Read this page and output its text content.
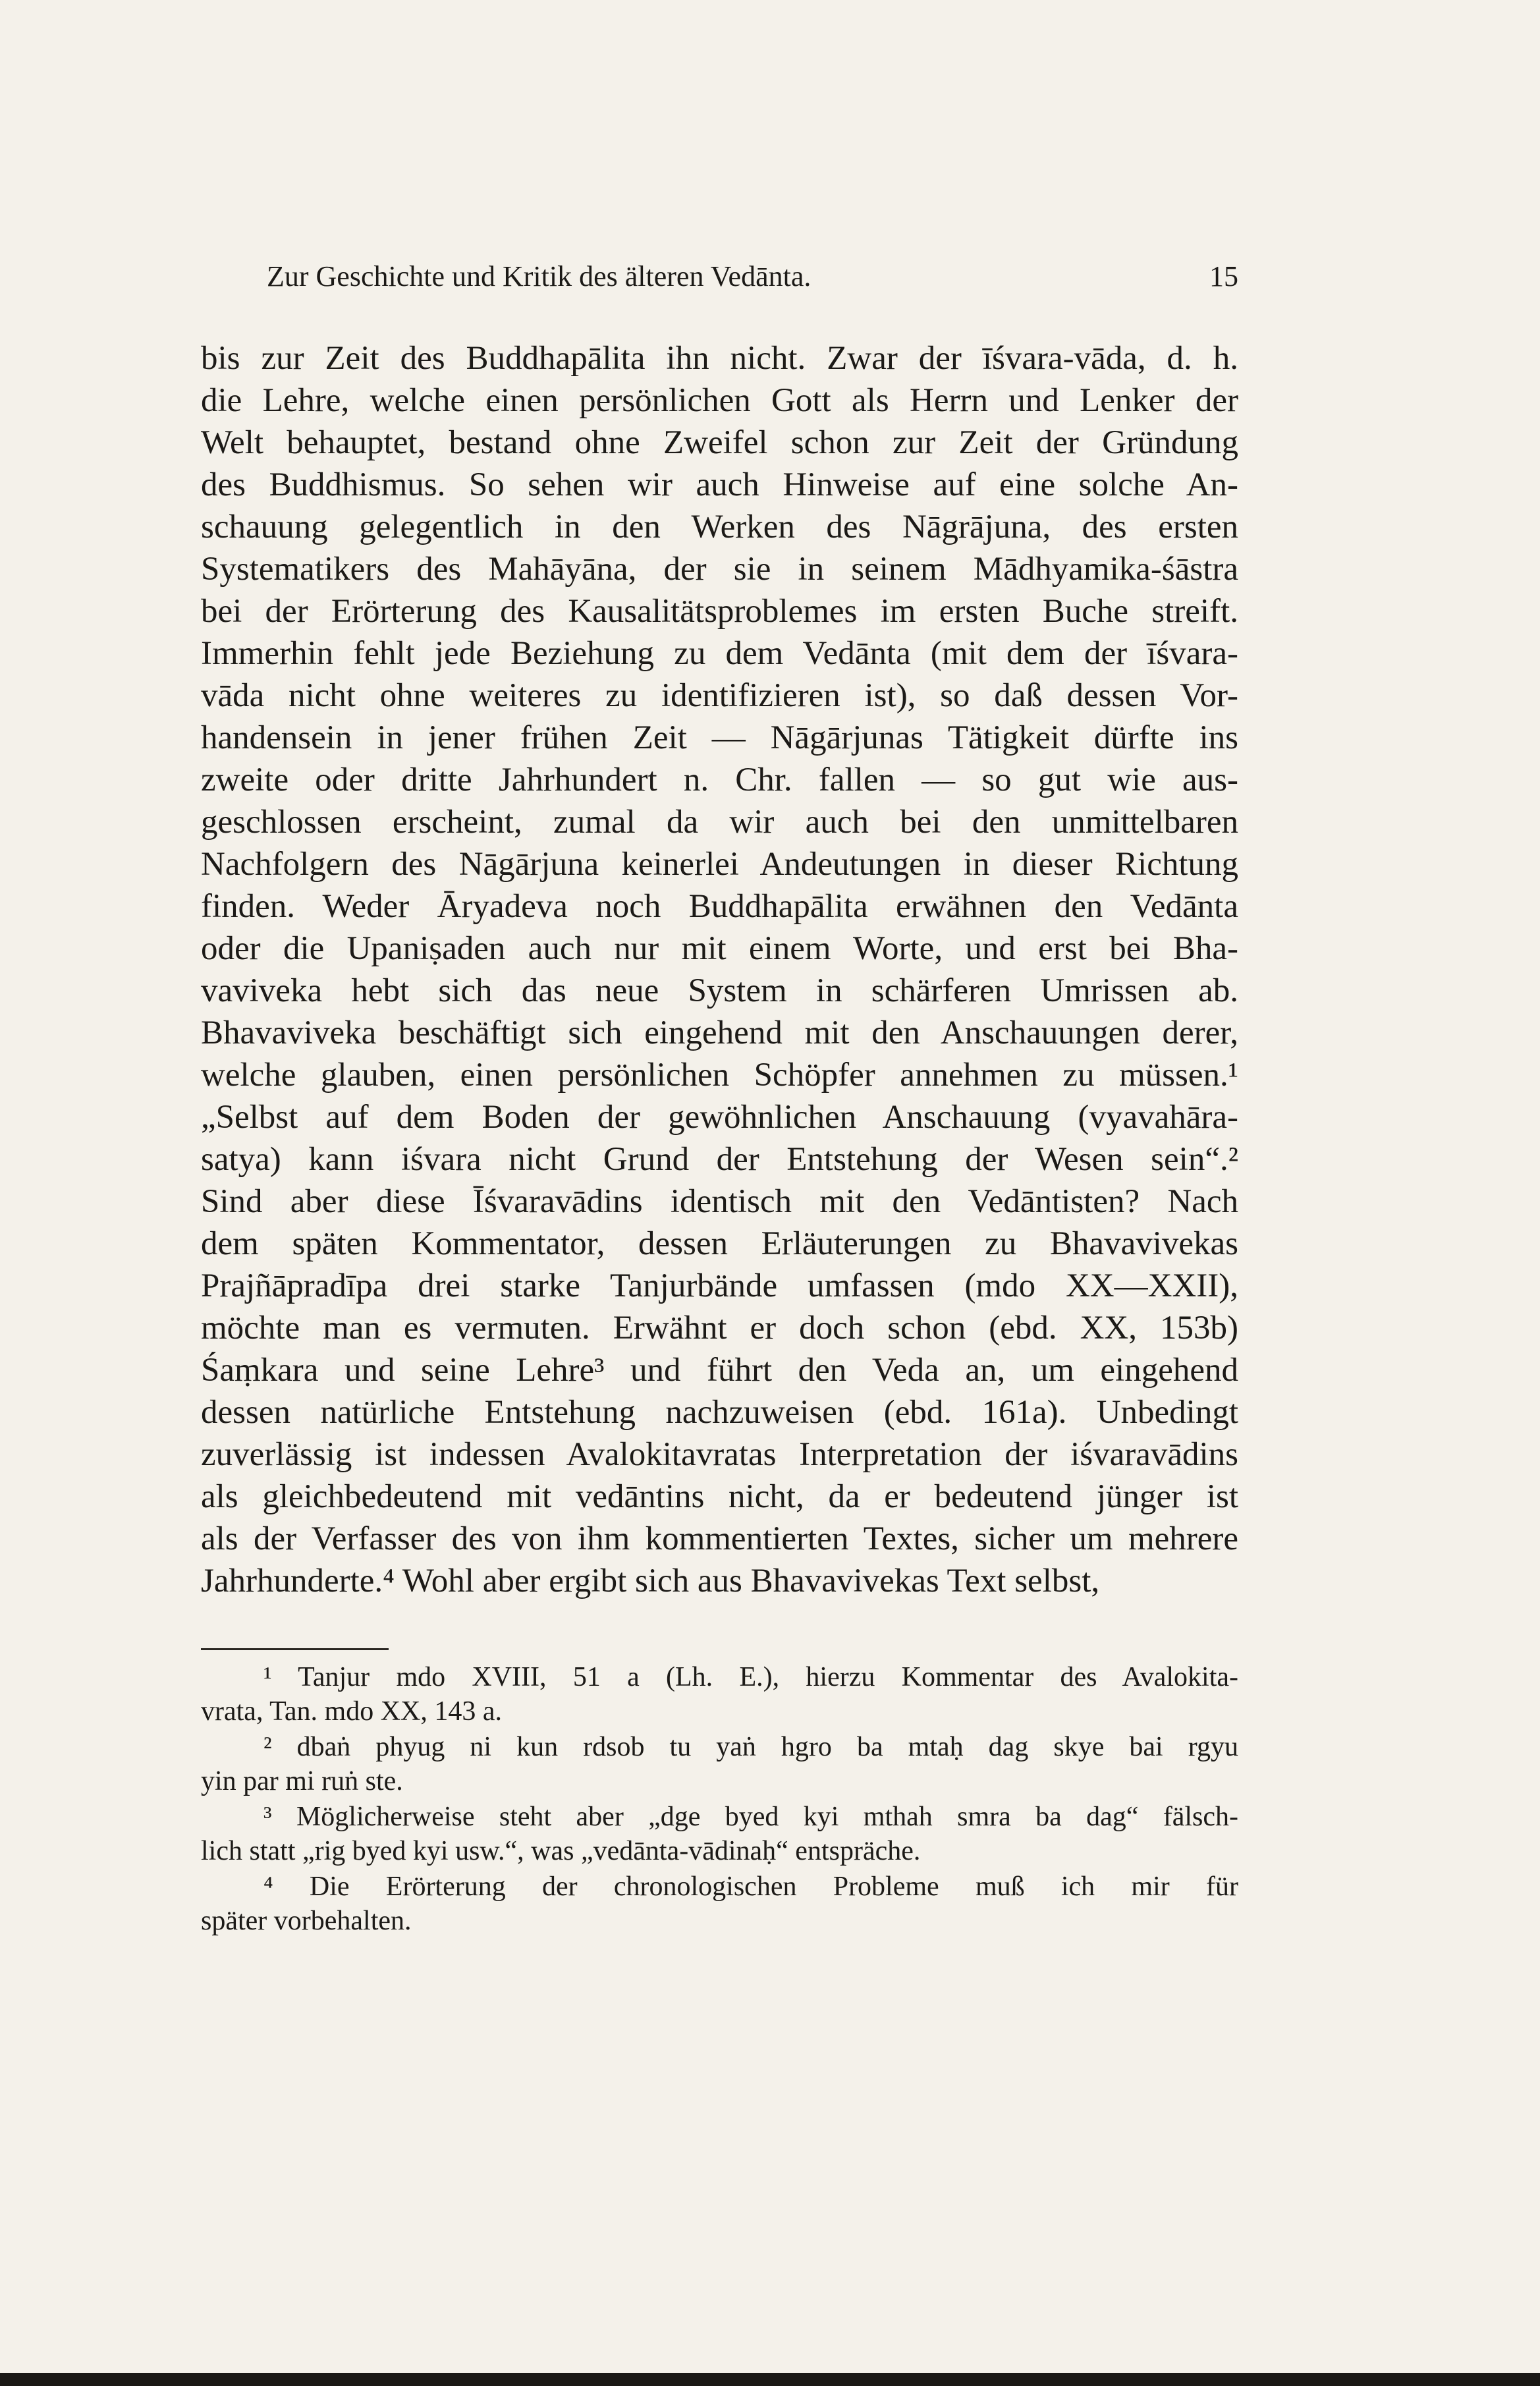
Zur Geschichte und Kritik des älteren Vedānta.	15
bis zur Zeit des Buddhapālita ihn nicht. Zwar der īśvara-vāda, d. h.
die Lehre, welche einen persönlichen Gott als Herrn und Lenker der
Welt behauptet, bestand ohne Zweifel schon zur Zeit der Gründung
des Buddhismus. So sehen wir auch Hinweise auf eine solche An-
schauung gelegentlich in den Werken des Nāgrājuna, des ersten
Systematikers des Mahāyāna, der sie in seinem Mādhyamika-śāstra
bei der Erörterung des Kausalitätsproblemes im ersten Buche streift.
Immerhin fehlt jede Beziehung zu dem Vedānta (mit dem der īśvara-
vāda nicht ohne weiteres zu identifizieren ist), so daß dessen Vor-
handensein in jener frühen Zeit — Nāgārjunas Tätigkeit dürfte ins
zweite oder dritte Jahrhundert n. Chr. fallen — so gut wie aus-
geschlossen erscheint, zumal da wir auch bei den unmittelbaren
Nachfolgern des Nāgārjuna keinerlei Andeutungen in dieser Richtung
finden. Weder Āryadeva noch Buddhapālita erwähnen den Vedānta
oder die Upaniṣaden auch nur mit einem Worte, und erst bei Bha-
vaviveka hebt sich das neue System in schärferen Umrissen ab.
Bhavaviveka beschäftigt sich eingehend mit den Anschauungen derer,
welche glauben, einen persönlichen Schöpfer annehmen zu müssen.¹
„Selbst auf dem Boden der gewöhnlichen Anschauung (vyavahāra-
satya) kann iśvara nicht Grund der Entstehung der Wesen sein“.²
Sind aber diese Īśvaravādins identisch mit den Vedāntisten? Nach
dem späten Kommentator, dessen Erläuterungen zu Bhavavivekas
Prajñāpradīpa drei starke Tanjurbände umfassen (mdo XX—XXII),
möchte man es vermuten. Erwähnt er doch schon (ebd. XX, 153b)
Śaṃkara und seine Lehre³ und führt den Veda an, um eingehend
dessen natürliche Entstehung nachzuweisen (ebd. 161a). Unbedingt
zuverlässig ist indessen Avalokitavratas Interpretation der iśvaravādins
als gleichbedeutend mit vedāntins nicht, da er bedeutend jünger ist
als der Verfasser des von ihm kommentierten Textes, sicher um mehrere
Jahrhunderte.⁴ Wohl aber ergibt sich aus Bhavavivekas Text selbst,
¹ Tanjur mdo XVIII, 51 a (Lh. E.), hierzu Kommentar des Avalokita-
vrata, Tan. mdo XX, 143 a.
² dbaṅ phyug ni kun rdsob tu yaṅ hgro ba mtaḥ dag skye bai rgyu
yin par mi ruṅ ste.
³ Möglicherweise steht aber „dge byed kyi mthah smra ba dag“ fälsch-
lich statt „rig byed kyi usw.“, was „vedānta-vādinaḥ“ entspräche.
⁴ Die Erörterung der chronologischen Probleme muß ich mir für
später vorbehalten.
